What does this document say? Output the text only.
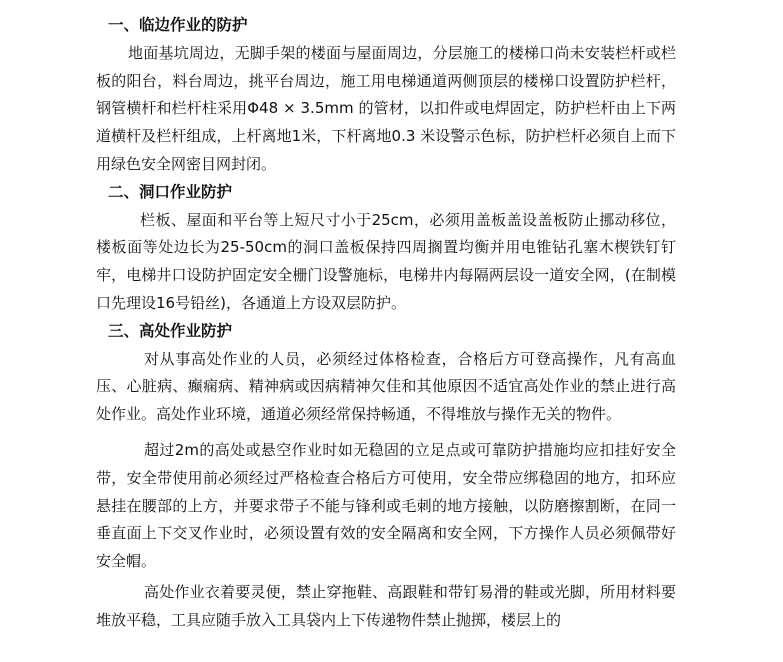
一、临边作业的防护

地面基坑周边，无脚手架的楼面与屋面周边，分层施工的楼梯口尚未安装栏杆或栏板的阳台，料台周边，挑平台周边，施工用电梯通道两侧顶层的楼梯口设置防护栏杆，钢管横杆和栏杆柱采用Φ48 × 3.5mm 的管材，以扣件或电焊固定，防护栏杆由上下两道横杆及栏杆组成，上杆离地1米，下杆离地0.3 米设警示色标，防护栏杆必须自上而下用绿色安全网密目网封闭。

二、洞口作业防护

栏板、屋面和平台等上短尺寸小于25cm，必须用盖板盖设盖板防止挪动移位，楼板面等处边长为25-50cm的洞口盖板保持四周搁置均衡并用电锥钻孔塞木楔铁钉钉牢，电梯井口设防护固定安全栅门设警施标，电梯井内每隔两层设一道安全网，(在制模口先理设16号铅丝)，各通道上方设双层防护。

三、高处作业防护

对从事高处作业的人员，必须经过体格检查，合格后方可登高操作，凡有高血压、心脏病、癫痫病、精神病或因病精神欠佳和其他原因不适宜高处作业的禁止进行高处作业。高处作业环境，通道必须经常保持畅通，不得堆放与操作无关的物件。

超过2m的高处或悬空作业时如无稳固的立足点或可靠防护措施均应扣挂好安全带，安全带使用前必须经过严格检查合格后方可使用，安全带应绑稳固的地方，扣环应悬挂在腰部的上方，并要求带子不能与锋利或毛刺的地方接触，以防磨擦割断，在同一垂直面上下交叉作业时，必须设置有效的安全隔离和安全网，下方操作人员必须佩带好安全帽。

高处作业衣着要灵便，禁止穿拖鞋、高跟鞋和带钉易滑的鞋或光脚，所用材料要堆放平稳，工具应随手放入工具袋内上下传递物件禁止抛掷，楼层上的
